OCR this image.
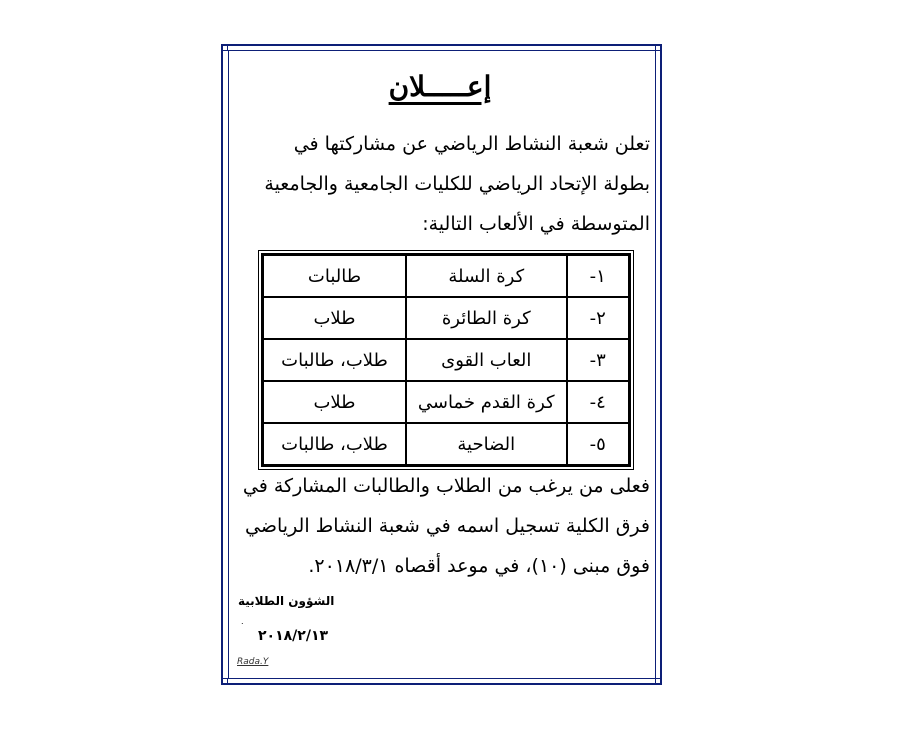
إعـــــلان
تعلن شعبة النشاط الرياضي عن مشاركتها في
بطولة الإتحاد الرياضي للكليات الجامعية والجامعية
المتوسطة في الألعاب التالية:
١-	كرة السلة	طالبات
٢-	كرة الطائرة	طلاب
٣-	العاب القوى	طلاب، طالبات
٤-	كرة القدم خماسي	طلاب
٥-	الضاحية	طلاب، طالبات
فعلى من يرغب من الطلاب والطالبات المشاركة في
فرق الكلية تسجيل اسمه في شعبة النشاط الرياضي
فوق مبنى (١٠)، في موعد أقصاه ٢٠١٨/٣/١.
الشؤون الطلابية
.
٢٠١٨/٢/١٣
Rada.Y
